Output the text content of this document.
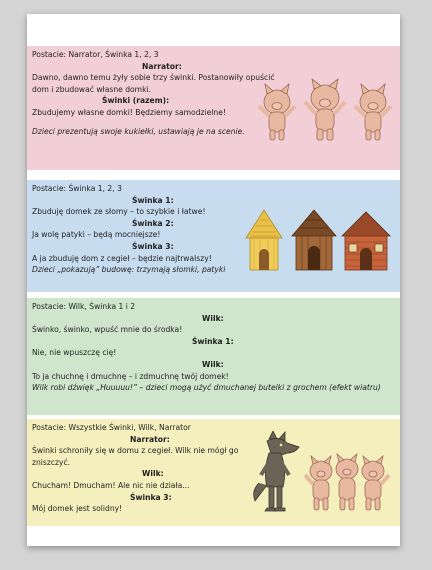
Postacie: Narrator, Świnka 1, 2, 3
Narrator:
Dawno, dawno temu żyły sobie trzy świnki. Postanowiły opuścić dom i zbudować własne domki.
Świnki (razem):
Zbudujemy własne domki! Będziemy samodzielne!
Dzieci prezentują swoje kukiełki, ustawiają je na scenie.
Postacie: Świnka 1, 2, 3
Świnka 1:
Zbuduję domek ze słomy – to szybkie i łatwe!
Świnka 2:
Ja wolę patyki – będą mocniejsze!
Świnka 3:
A ja zbuduję dom z cegieł – będzie najtrwalszy!
Dzieci „pokazują” budowę: trzymają słomki, patyki
Postacie: Wilk, Świnka 1 i 2
Wilk:
Świnko, świnko, wpuść mnie do środka!
Świnka 1:
Nie, nie wpuszczę cię!
Wilk:
To ja chuchnę i dmuchnę – i zdmuchnę twój domek!
Wilk robi dźwięk „Huuuuu!” – dzieci mogą użyć dmuchanej butelki z grochem (efekt wiatru)
Postacie: Wszystkie Świnki, Wilk, Narrator
Narrator:
Świnki schroniły się w domu z cegieł. Wilk nie mógł go zniszczyć.
Wilk:
Chucham! Dmucham! Ale nic nie działa...
Świnka 3:
Mój domek jest solidny!
